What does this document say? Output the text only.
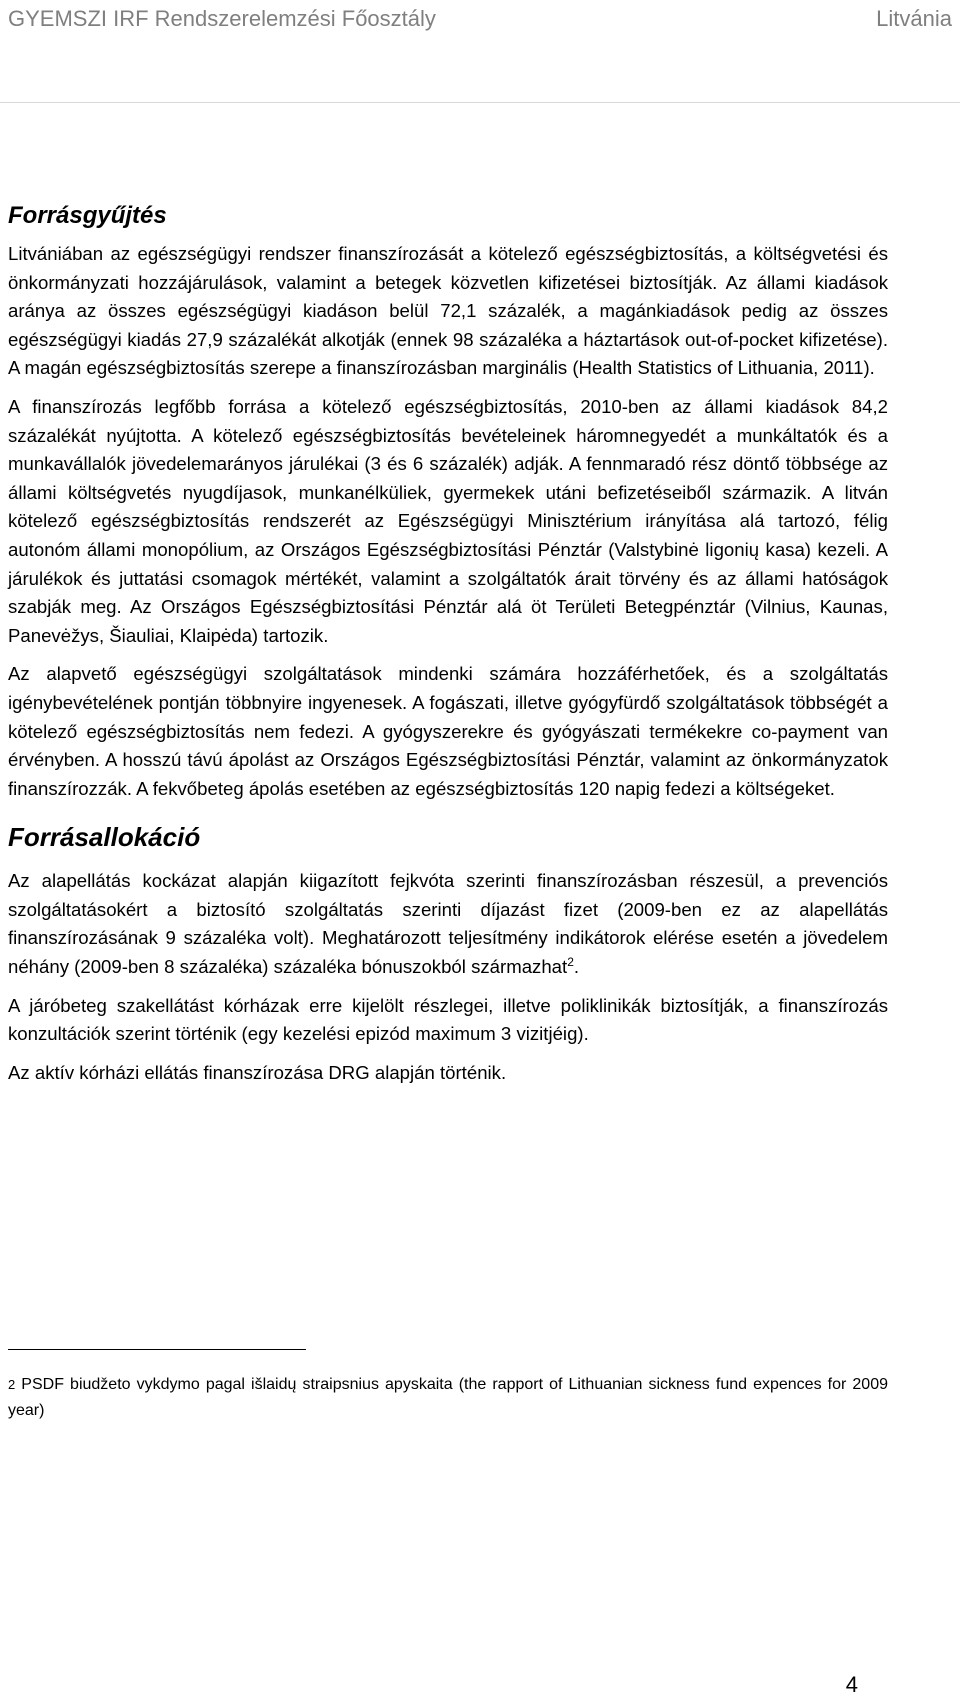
GYEMSZI IRF Rendszerelemzési Főosztály	Litvánia
Forrásgyűjtés

Litvániában az egészségügyi rendszer finanszírozását a kötelező egészségbiztosítás, a költségvetési és önkormányzati hozzájárulások, valamint a betegek közvetlen kifizetései biztosítják. Az állami kiadások aránya az összes egészségügyi kiadáson belül 72,1 százalék, a magánkiadások pedig az összes egészségügyi kiadás 27,9 százalékát alkotják (ennek 98 százaléka a háztartások out-of-pocket kifizetése). A magán egészségbiztosítás szerepe a finanszírozásban marginális (Health Statistics of Lithuania, 2011).

A finanszírozás legfőbb forrása a kötelező egészségbiztosítás, 2010-ben az állami kiadások 84,2 százalékát nyújtotta. A kötelező egészségbiztosítás bevételeinek háromnegyedét a munkáltatók és a munkavállalók jövedelemarányos járulékai (3 és 6 százalék) adják. A fennmaradó rész döntő többsége az állami költségvetés nyugdíjasok, munkanélküliek, gyermekek utáni befizetéseiből származik. A litván kötelező egészségbiztosítás rendszerét az Egészségügyi Minisztérium irányítása alá tartozó, félig autonóm állami monopólium, az Országos Egészségbiztosítási Pénztár (Valstybinė ligonių kasa) kezeli. A járulékok és juttatási csomagok mértékét, valamint a szolgáltatók árait törvény és az állami hatóságok szabják meg. Az Országos Egészségbiztosítási Pénztár alá öt Területi Betegpénztár (Vilnius, Kaunas, Panevėžys, Šiauliai, Klaipėda) tartozik.

Az alapvető egészségügyi szolgáltatások mindenki számára hozzáférhetőek, és a szolgáltatás igénybevételének pontján többnyire ingyenesek. A fogászati, illetve gyógyfürdő szolgáltatások többségét a kötelező egészségbiztosítás nem fedezi. A gyógyszerekre és gyógyászati termékekre co-payment van érvényben. A hosszú távú ápolást az Országos Egészségbiztosítási Pénztár, valamint az önkormányzatok finanszírozzák. A fekvőbeteg ápolás esetében az egészségbiztosítás 120 napig fedezi a költségeket.

Forrásallokáció

Az alapellátás kockázat alapján kiigazított fejkvóta szerinti finanszírozásban részesül, a prevenciós szolgáltatásokért a biztosító szolgáltatás szerinti díjazást fizet (2009-ben ez az alapellátás finanszírozásának 9 százaléka volt). Meghatározott teljesítmény indikátorok elérése esetén a jövedelem néhány (2009-ben 8 százaléka) százaléka bónuszokból származhat$^2$.

A járóbeteg szakellátást kórházak erre kijelölt részlegei, illetve poliklinikák biztosítják, a finanszírozás konzultációk szerint történik (egy kezelési epizód maximum 3 vizitjéig).

Az aktív kórházi ellátás finanszírozása DRG alapján történik.

2 PSDF biudžeto vykdymo pagal išlaidų straipsnius apyskaita (the rapport of Lithuanian sickness fund expences for 2009 year)
4
